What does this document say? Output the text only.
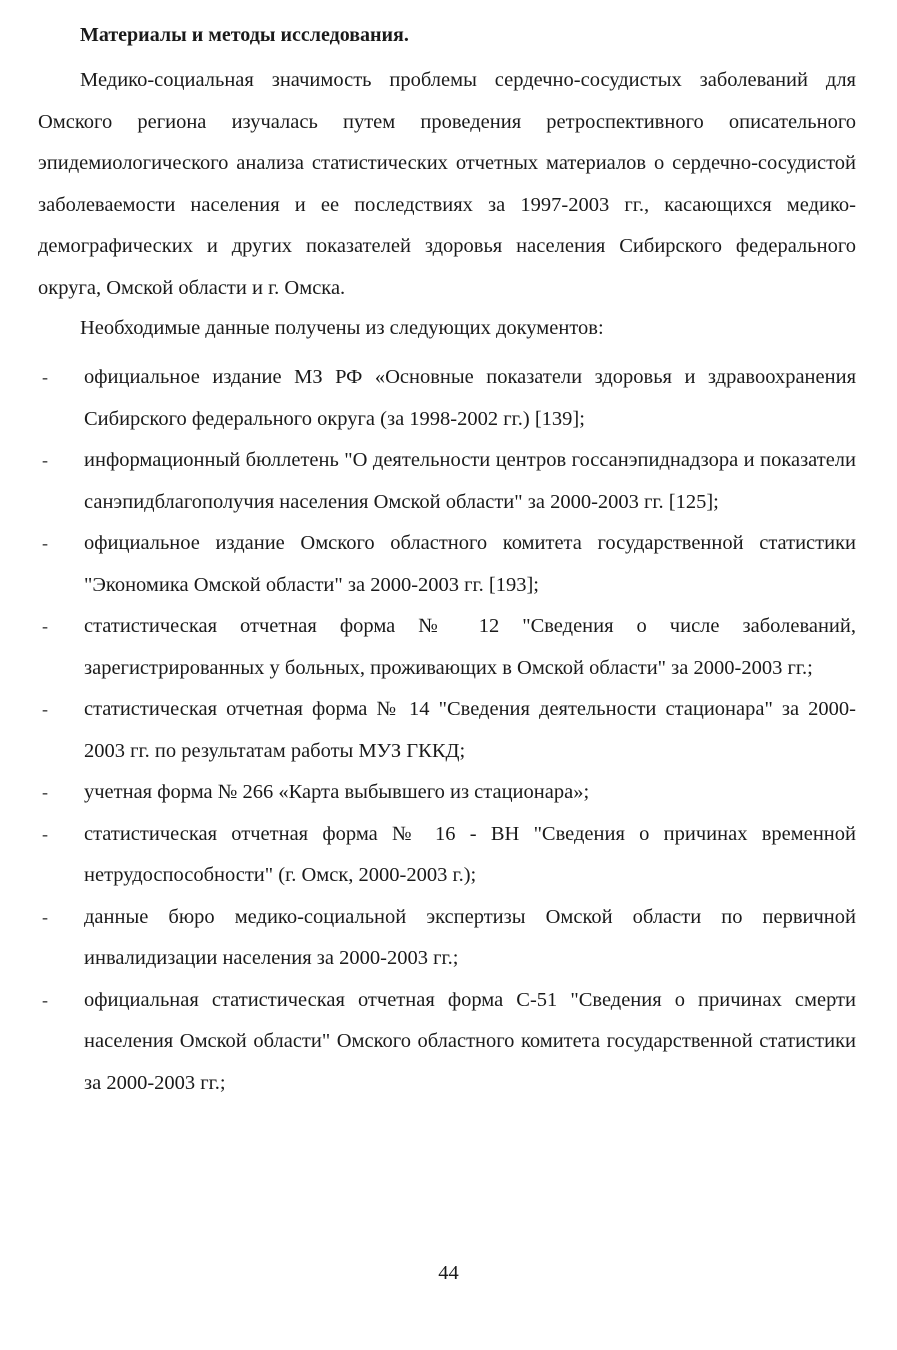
Материалы и методы исследования.

Медико-социальная значимость проблемы сердечно-сосудистых заболеваний для Омского региона изучалась путем проведения ретроспективного описательного эпидемиологического анализа статистических отчетных материалов о сердечно-сосудистой заболеваемости населения и ее последствиях за 1997-2003 гг., касающихся медико-демографических и других показателей здоровья населения Сибирского федерального округа, Омской области и г. Омска.

Необходимые данные получены из следующих документов:

- официальное издание МЗ РФ «Основные показатели здоровья и здравоохранения Сибирского федерального округа (за 1998-2002 гг.) [139];
- информационный бюллетень "О деятельности центров госсанэпиднадзора и показатели санэпидблагополучия населения Омской области" за 2000-2003 гг. [125];
- официальное издание Омского областного комитета государственной статистики "Экономика Омской области" за 2000-2003 гг. [193];
- статистическая отчетная форма № 12 "Сведения о числе заболеваний, зарегистрированных у больных, проживающих в Омской области" за 2000-2003 гг.;
- статистическая отчетная форма № 14 "Сведения деятельности стационара" за 2000-2003 гг. по результатам работы МУЗ ГККД;
- учетная форма № 266 «Карта выбывшего из стационара»;
- статистическая отчетная форма № 16 - ВН "Сведения о причинах временной нетрудоспособности" (г. Омск, 2000-2003 г.);
- данные бюро медико-социальной экспертизы Омской области по первичной инвалидизации населения за 2000-2003 гг.;
- официальная статистическая отчетная форма С-51 "Сведения о причинах смерти населения Омской области" Омского областного комитета государственной статистики за 2000-2003 гг.;
44
